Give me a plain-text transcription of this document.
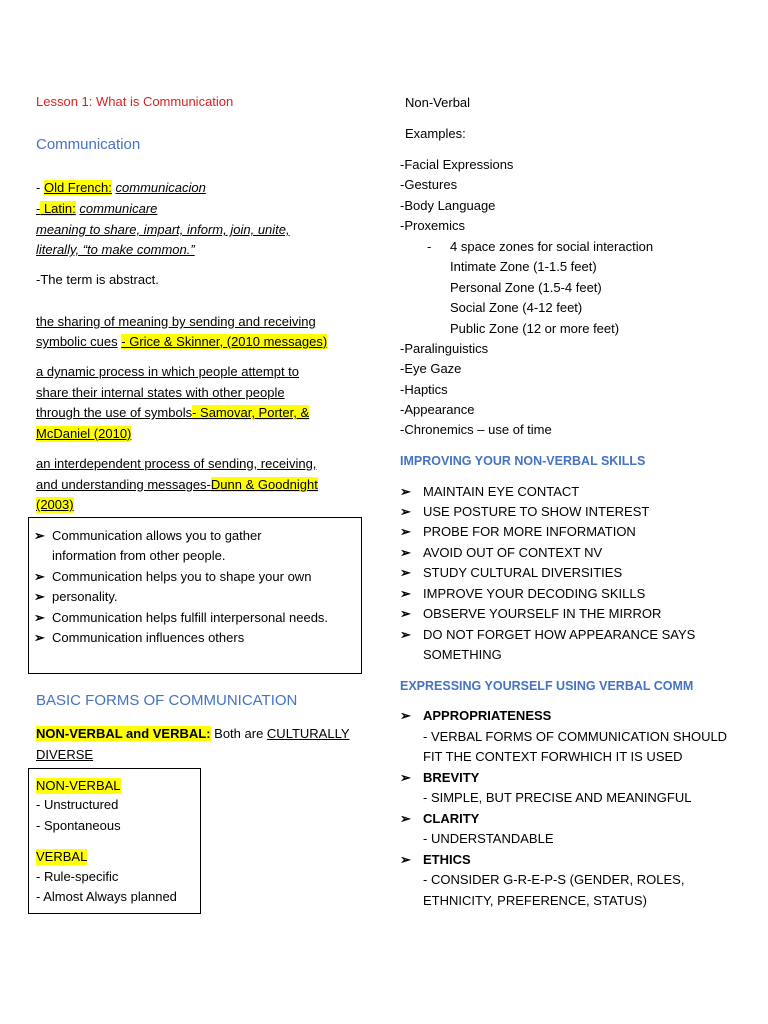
Lesson 1: What is Communication
Communication
- Old French: communicacion
- Latin: communicare
meaning to share, impart, inform, join, unite,
literally, “to make common.”
-The term is abstract.
the sharing of meaning by sending and receiving
symbolic cues - Grice & Skinner, (2010 messages)
a dynamic process in which people attempt to
share their internal states with other people
through the use of symbols- Samovar, Porter, &
McDaniel (2010)
an interdependent process of sending, receiving,
and understanding messages-Dunn & Goodnight
(2003)
➢ Communication allows you to gather
information from other people.
➢ Communication helps you to shape your own
➢ personality.
➢ Communication helps fulfill interpersonal needs.
➢ Communication influences others
BASIC FORMS OF COMMUNICATION
NON-VERBAL and VERBAL: Both are CULTURALLY
DIVERSE
NON-VERBAL
- Unstructured
- Spontaneous
VERBAL
- Rule-specific
- Almost Always planned
Non-Verbal
Examples:
-Facial Expressions
-Gestures
-Body Language
-Proxemics
- 4 space zones for social interaction
Intimate Zone (1-1.5 feet)
Personal Zone (1.5-4 feet)
Social Zone (4-12 feet)
Public Zone (12 or more feet)
-Paralinguistics
-Eye Gaze
-Haptics
-Appearance
-Chronemics – use of time
IMPROVING YOUR NON-VERBAL SKILLS
➢ MAINTAIN EYE CONTACT
➢ USE POSTURE TO SHOW INTEREST
➢ PROBE FOR MORE INFORMATION
➢ AVOID OUT OF CONTEXT NV
➢ STUDY CULTURAL DIVERSITIES
➢ IMPROVE YOUR DECODING SKILLS
➢ OBSERVE YOURSELF IN THE MIRROR
➢ DO NOT FORGET HOW APPEARANCE SAYS
SOMETHING
EXPRESSING YOURSELF USING VERBAL COMM
➢ APPROPRIATENESS
- VERBAL FORMS OF COMMUNICATION SHOULD
FIT THE CONTEXT FORWHICH IT IS USED
➢ BREVITY
- SIMPLE, BUT PRECISE AND MEANINGFUL
➢ CLARITY
- UNDERSTANDABLE
➢ ETHICS
- CONSIDER G-R-E-P-S (GENDER, ROLES,
ETHNICITY, PREFERENCE, STATUS)
